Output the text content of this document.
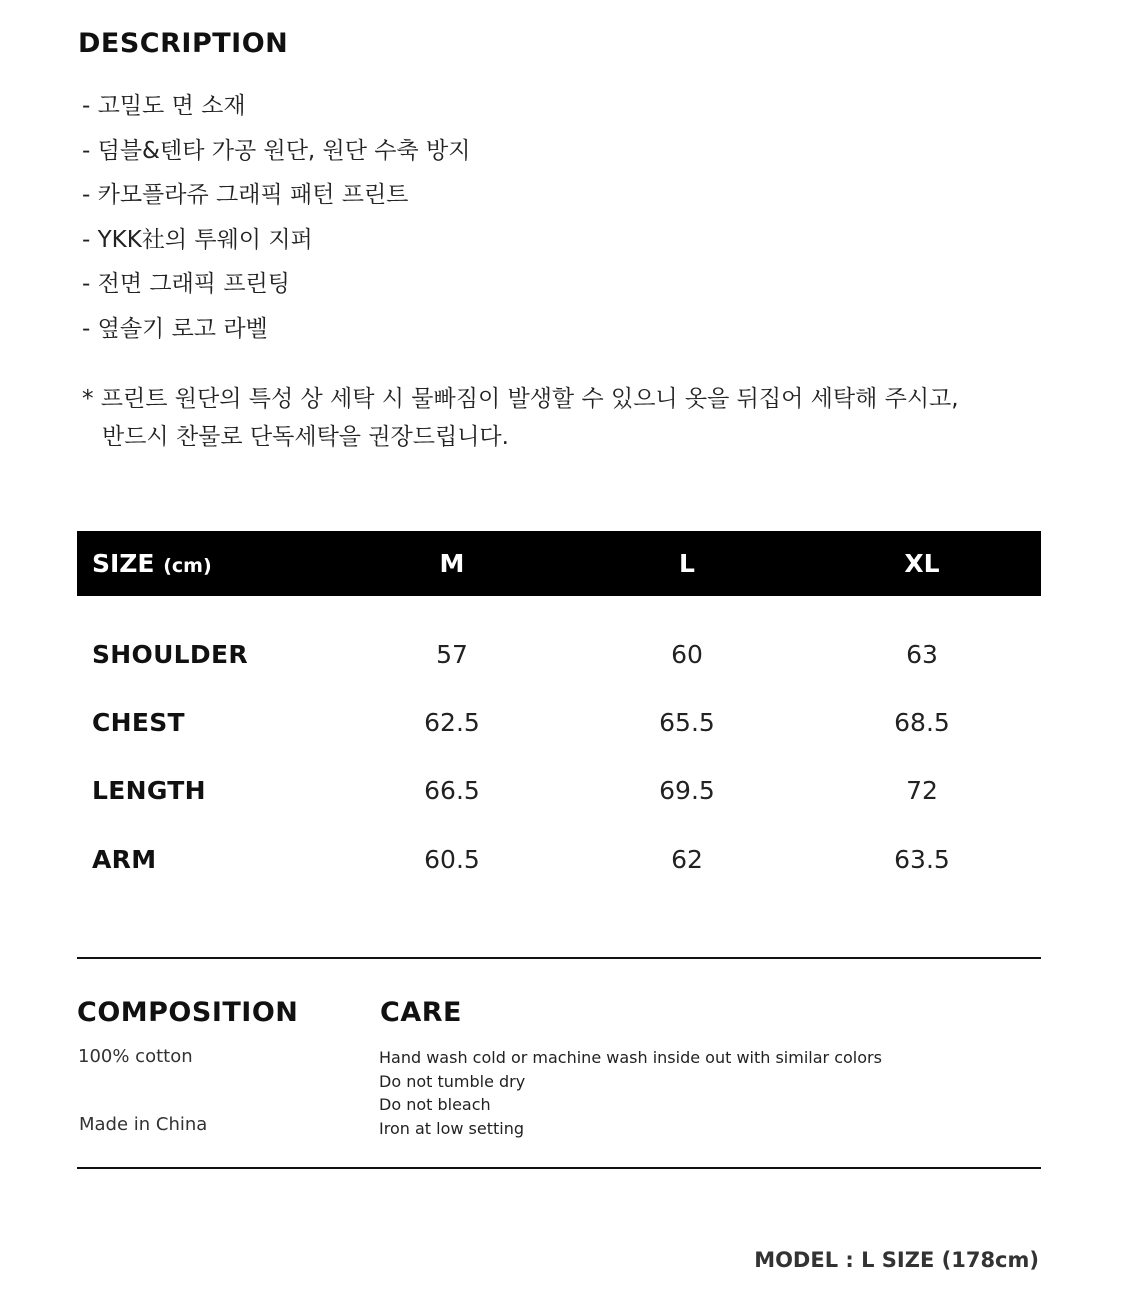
DESCRIPTION
- 고밀도 면 소재
- 덤블&텐타 가공 원단, 원단 수축 방지
- 카모플라쥬 그래픽 패턴 프린트
- YKK社의 투웨이 지퍼
- 전면 그래픽 프린팅
- 옆솔기 로고 라벨
* 프린트 원단의 특성 상 세탁 시 물빠짐이 발생할 수 있으니 옷을 뒤집어 세탁해 주시고,
반드시 찬물로 단독세탁을 권장드립니다.
SIZE (cm)	M	L	XL
SHOULDER	57	60	63
CHEST	62.5	65.5	68.5
LENGTH	66.5	69.5	72
ARM	60.5	62	63.5
COMPOSITION
100% cotton
Made in China
CARE
Hand wash cold or machine wash inside out with similar colors
Do not tumble dry
Do not bleach
Iron at low setting
MODEL : L SIZE (178cm)
